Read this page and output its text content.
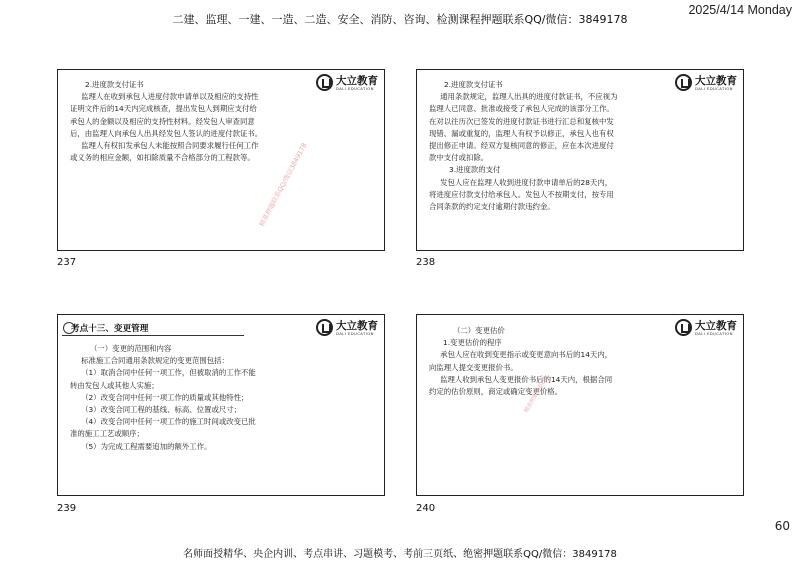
二建、监理、一建、一造、二造、安全、消防、咨询、检测课程押题联系QQ/微信：3849178
2025/4/14 Monday
大立教育
DALI EDUCATION

2.进度款支付证书

监理人在收到承包人进度付款申请单以及相应的支持性

证明文件后的14天内完成核查，提出发包人到期应支付给

承包人的金额以及相应的支持性材料。经发包人审查同意

后，由监理人向承包人出具经发包人签认的进度付款证书。

监理人有权扣发承包人未能按照合同要求履行任何工作

或义务的相应金额，如扣除质量不合格部分的工程款等。 精准押题联系QQ/微信3849178
237
大立教育
DALI EDUCATION

2.进度款支付证书

通用条款规定，监理人出具的进度付款证书，不应视为

监理人已同意、批准或接受了承包人完成的该部分工作。

在对以往历次已签发的进度付款证书进行汇总和复核中发

现错、漏或重复的，监理人有权予以修正，承包人也有权

提出修正申请。经双方复核同意的修正，应在本次进度付

款中支付或扣除。

3.进度款的支付

发包人应在监理人收到进度付款申请单后的28天内，

将进度应付款支付给承包人。发包人不按期支付，按专用

合同条款的约定支付逾期付款违约金。

238
考点十三、变更管理	大立教育
DALI EDUCATION

（一）变更的范围和内容

标准施工合同通用条款规定的变更范围包括：

（1）取消合同中任何一项工作，但被取消的工作不能

转由发包人或其他人实施；

（2）改变合同中任何一项工作的质量或其他特性；

（3）改变合同工程的基线、标高、位置或尺寸；

（4）改变合同中任何一项工作的施工时间或改变已批

准的施工工艺或顺序；

（5）为完成工程需要追加的额外工作。

239
大立教育
DALI EDUCATION

（二）变更估价

1.变更估价的程序

承包人应在收到变更指示或变更意向书后的14天内，

向监理人提交变更报价书。

监理人收到承包人变更报价书后的14天内，根据合同

约定的估价原则，商定或确定变更价格。

精准押题联系QQ
240
60
名师面授精华、央企内训、考点串讲、习题模考、考前三页纸、绝密押题联系QQ/微信：3849178
